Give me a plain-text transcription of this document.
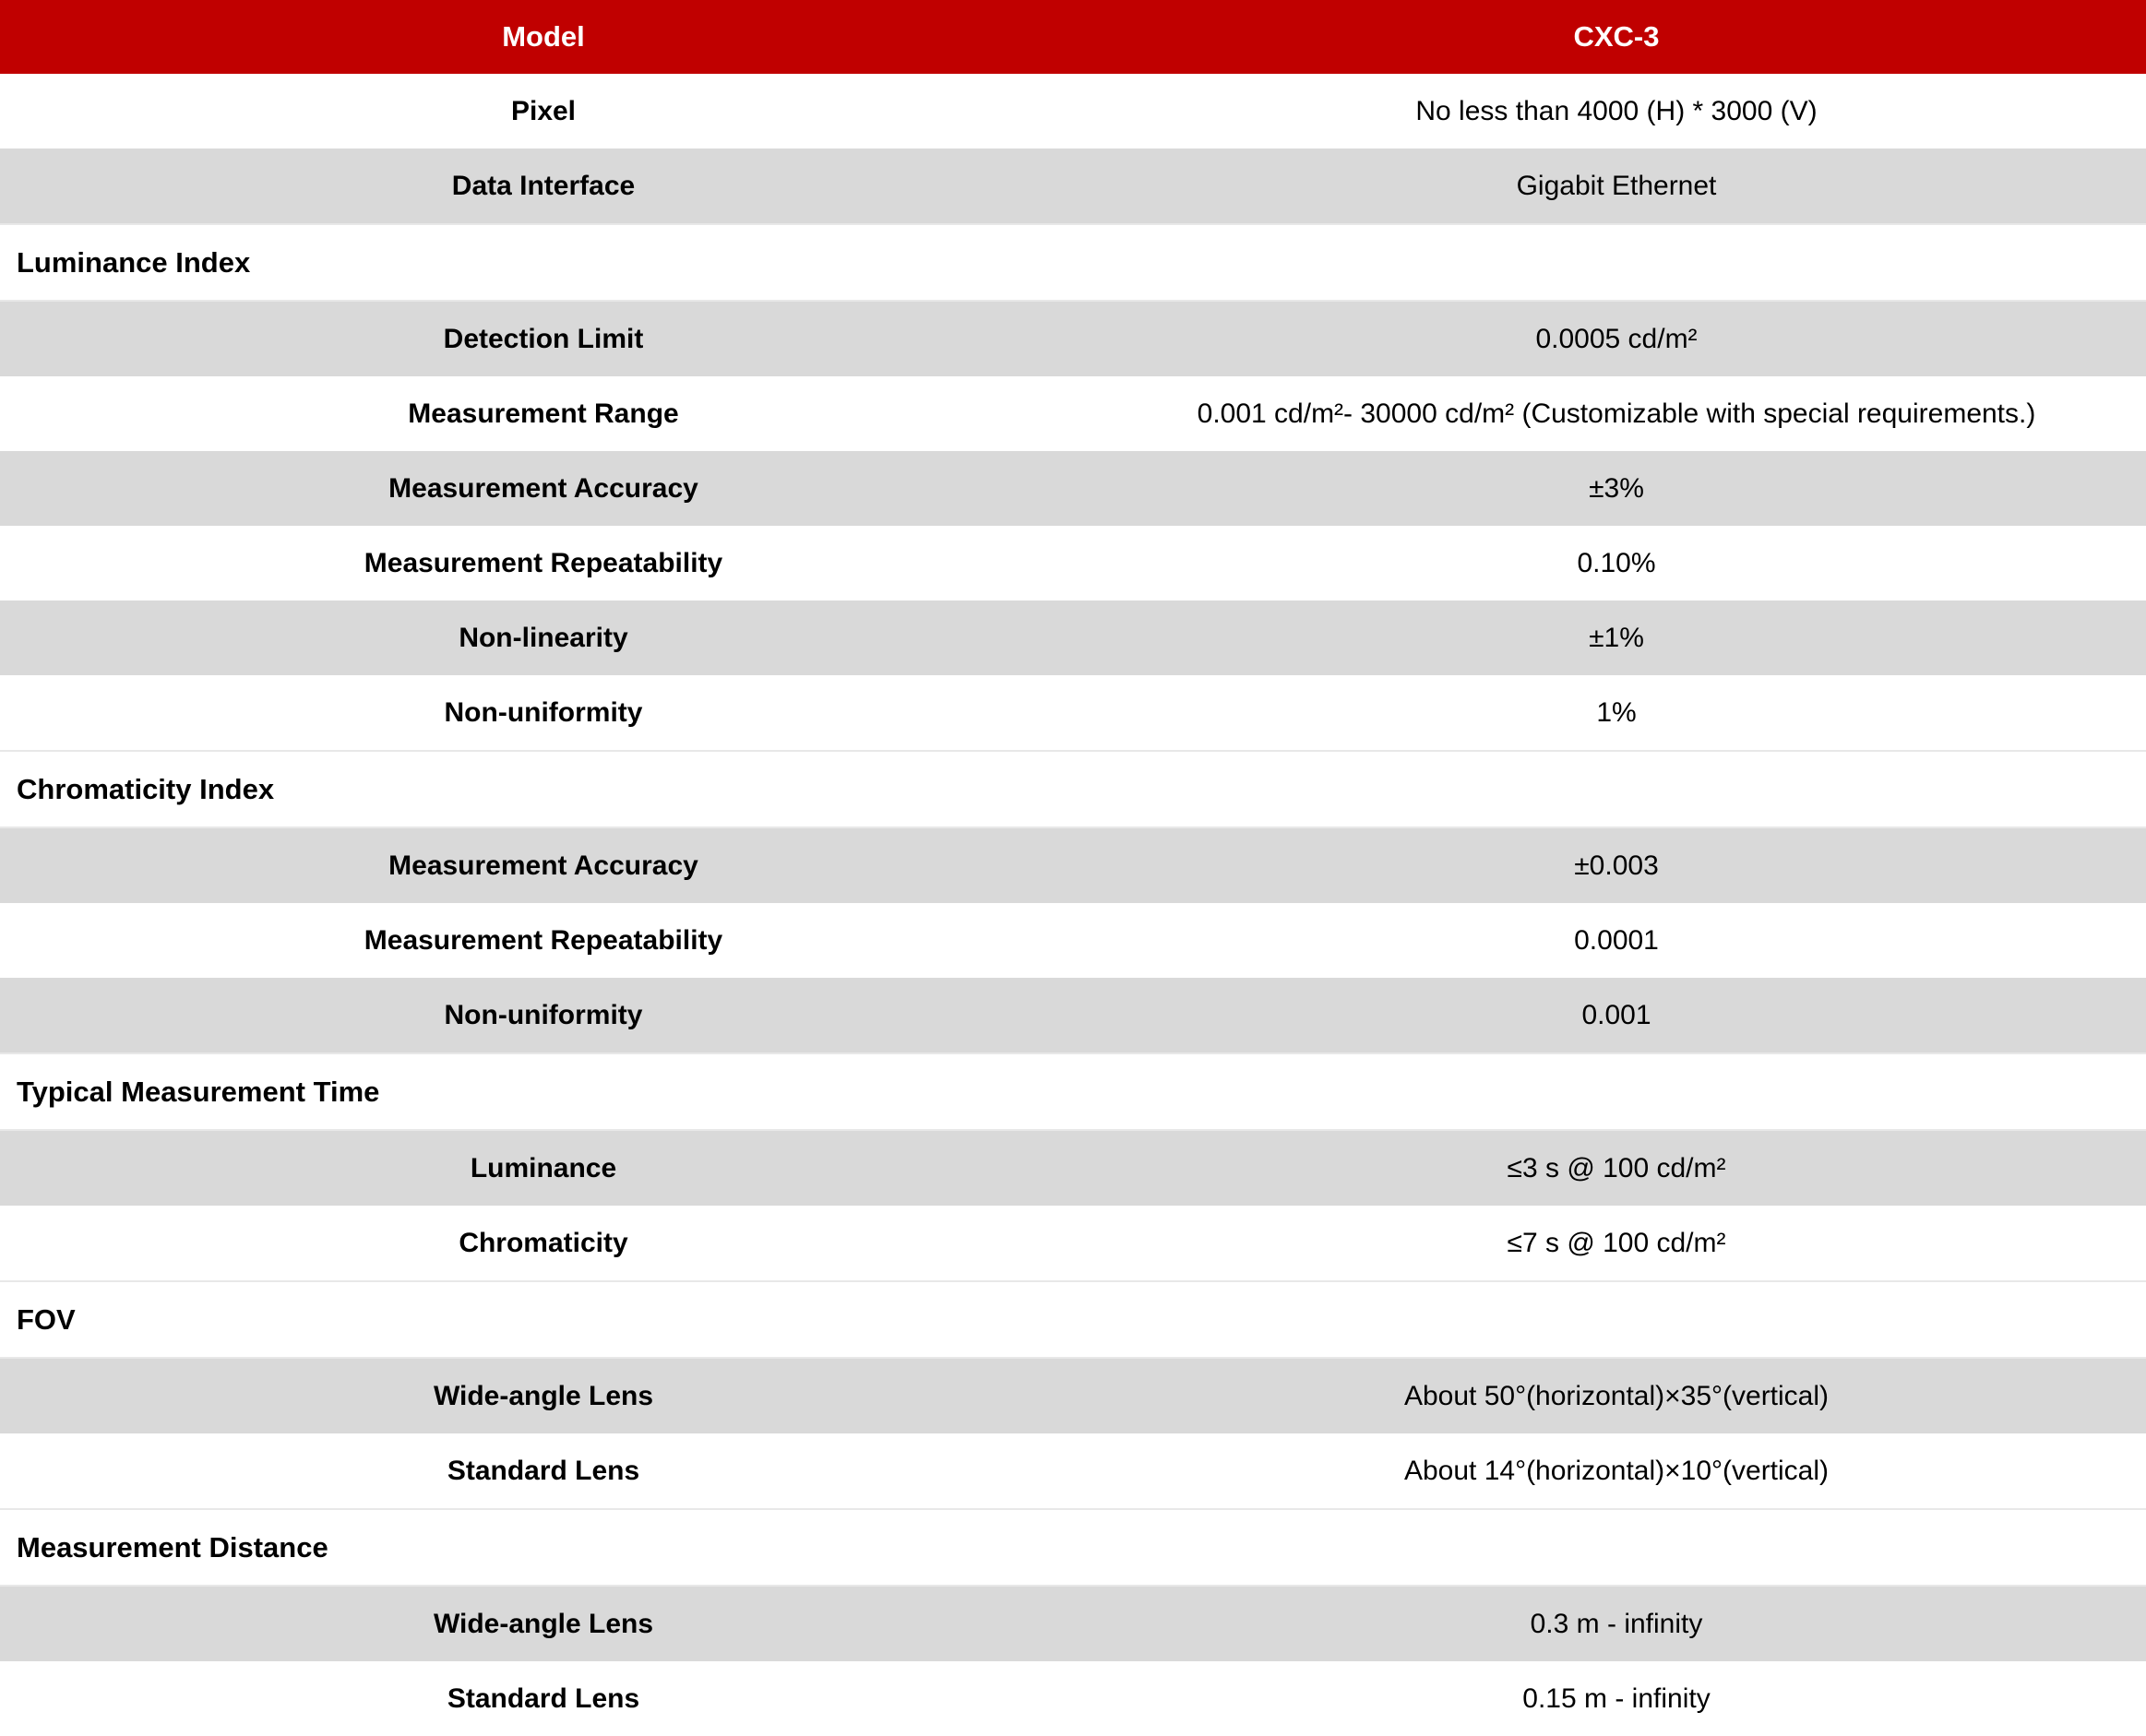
Model	CXC-3
Pixel	No less than 4000 (H) * 3000 (V)
Data Interface	Gigabit Ethernet
Luminance Index	
Detection Limit	0.0005 cd/m²
Measurement Range	0.001 cd/m²- 30000 cd/m² (Customizable with special requirements.)
Measurement Accuracy	±3%
Measurement Repeatability	0.10%
Non-linearity	±1%
Non-uniformity	1%
Chromaticity Index	
Measurement Accuracy	±0.003
Measurement Repeatability	0.0001
Non-uniformity	0.001
Typical Measurement Time	
Luminance	≤3 s @ 100 cd/m²
Chromaticity	≤7 s @ 100 cd/m²
FOV	
Wide-angle Lens	About 50°(horizontal)×35°(vertical)
Standard Lens	About 14°(horizontal)×10°(vertical)
Measurement Distance	
Wide-angle Lens	0.3 m - infinity
Standard Lens	0.15 m - infinity
